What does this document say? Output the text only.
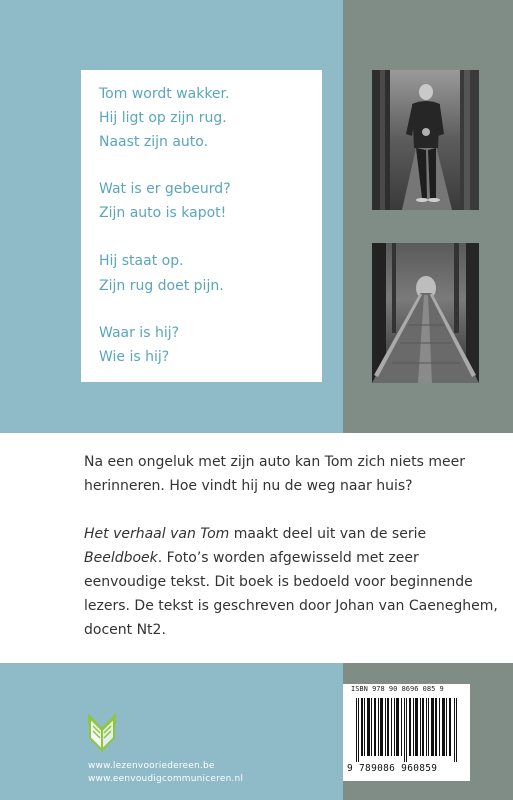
Tom wordt wakker.
Hij ligt op zijn rug.
Naast zijn auto.
Wat is er gebeurd?
Zijn auto is kapot!
Hij staat op.
Zijn rug doet pijn.
Waar is hij?
Wie is hij?

Na een ongeluk met zijn auto kan Tom zich niets meer herinneren. Hoe vindt hij nu de weg naar huis?

Het verhaal van Tom maakt deel uit van de serie Beeldboek. Foto’s worden afgewisseld met zeer eenvoudige tekst. Dit boek is bedoeld voor beginnende lezers. De tekst is geschreven door Johan van Caeneghem, docent Nt2.

www.lezenvooriedereen.be
www.eenvoudigcommuniceren.nl
ISBN 978 90 8696 085 9
9 789086 960859
